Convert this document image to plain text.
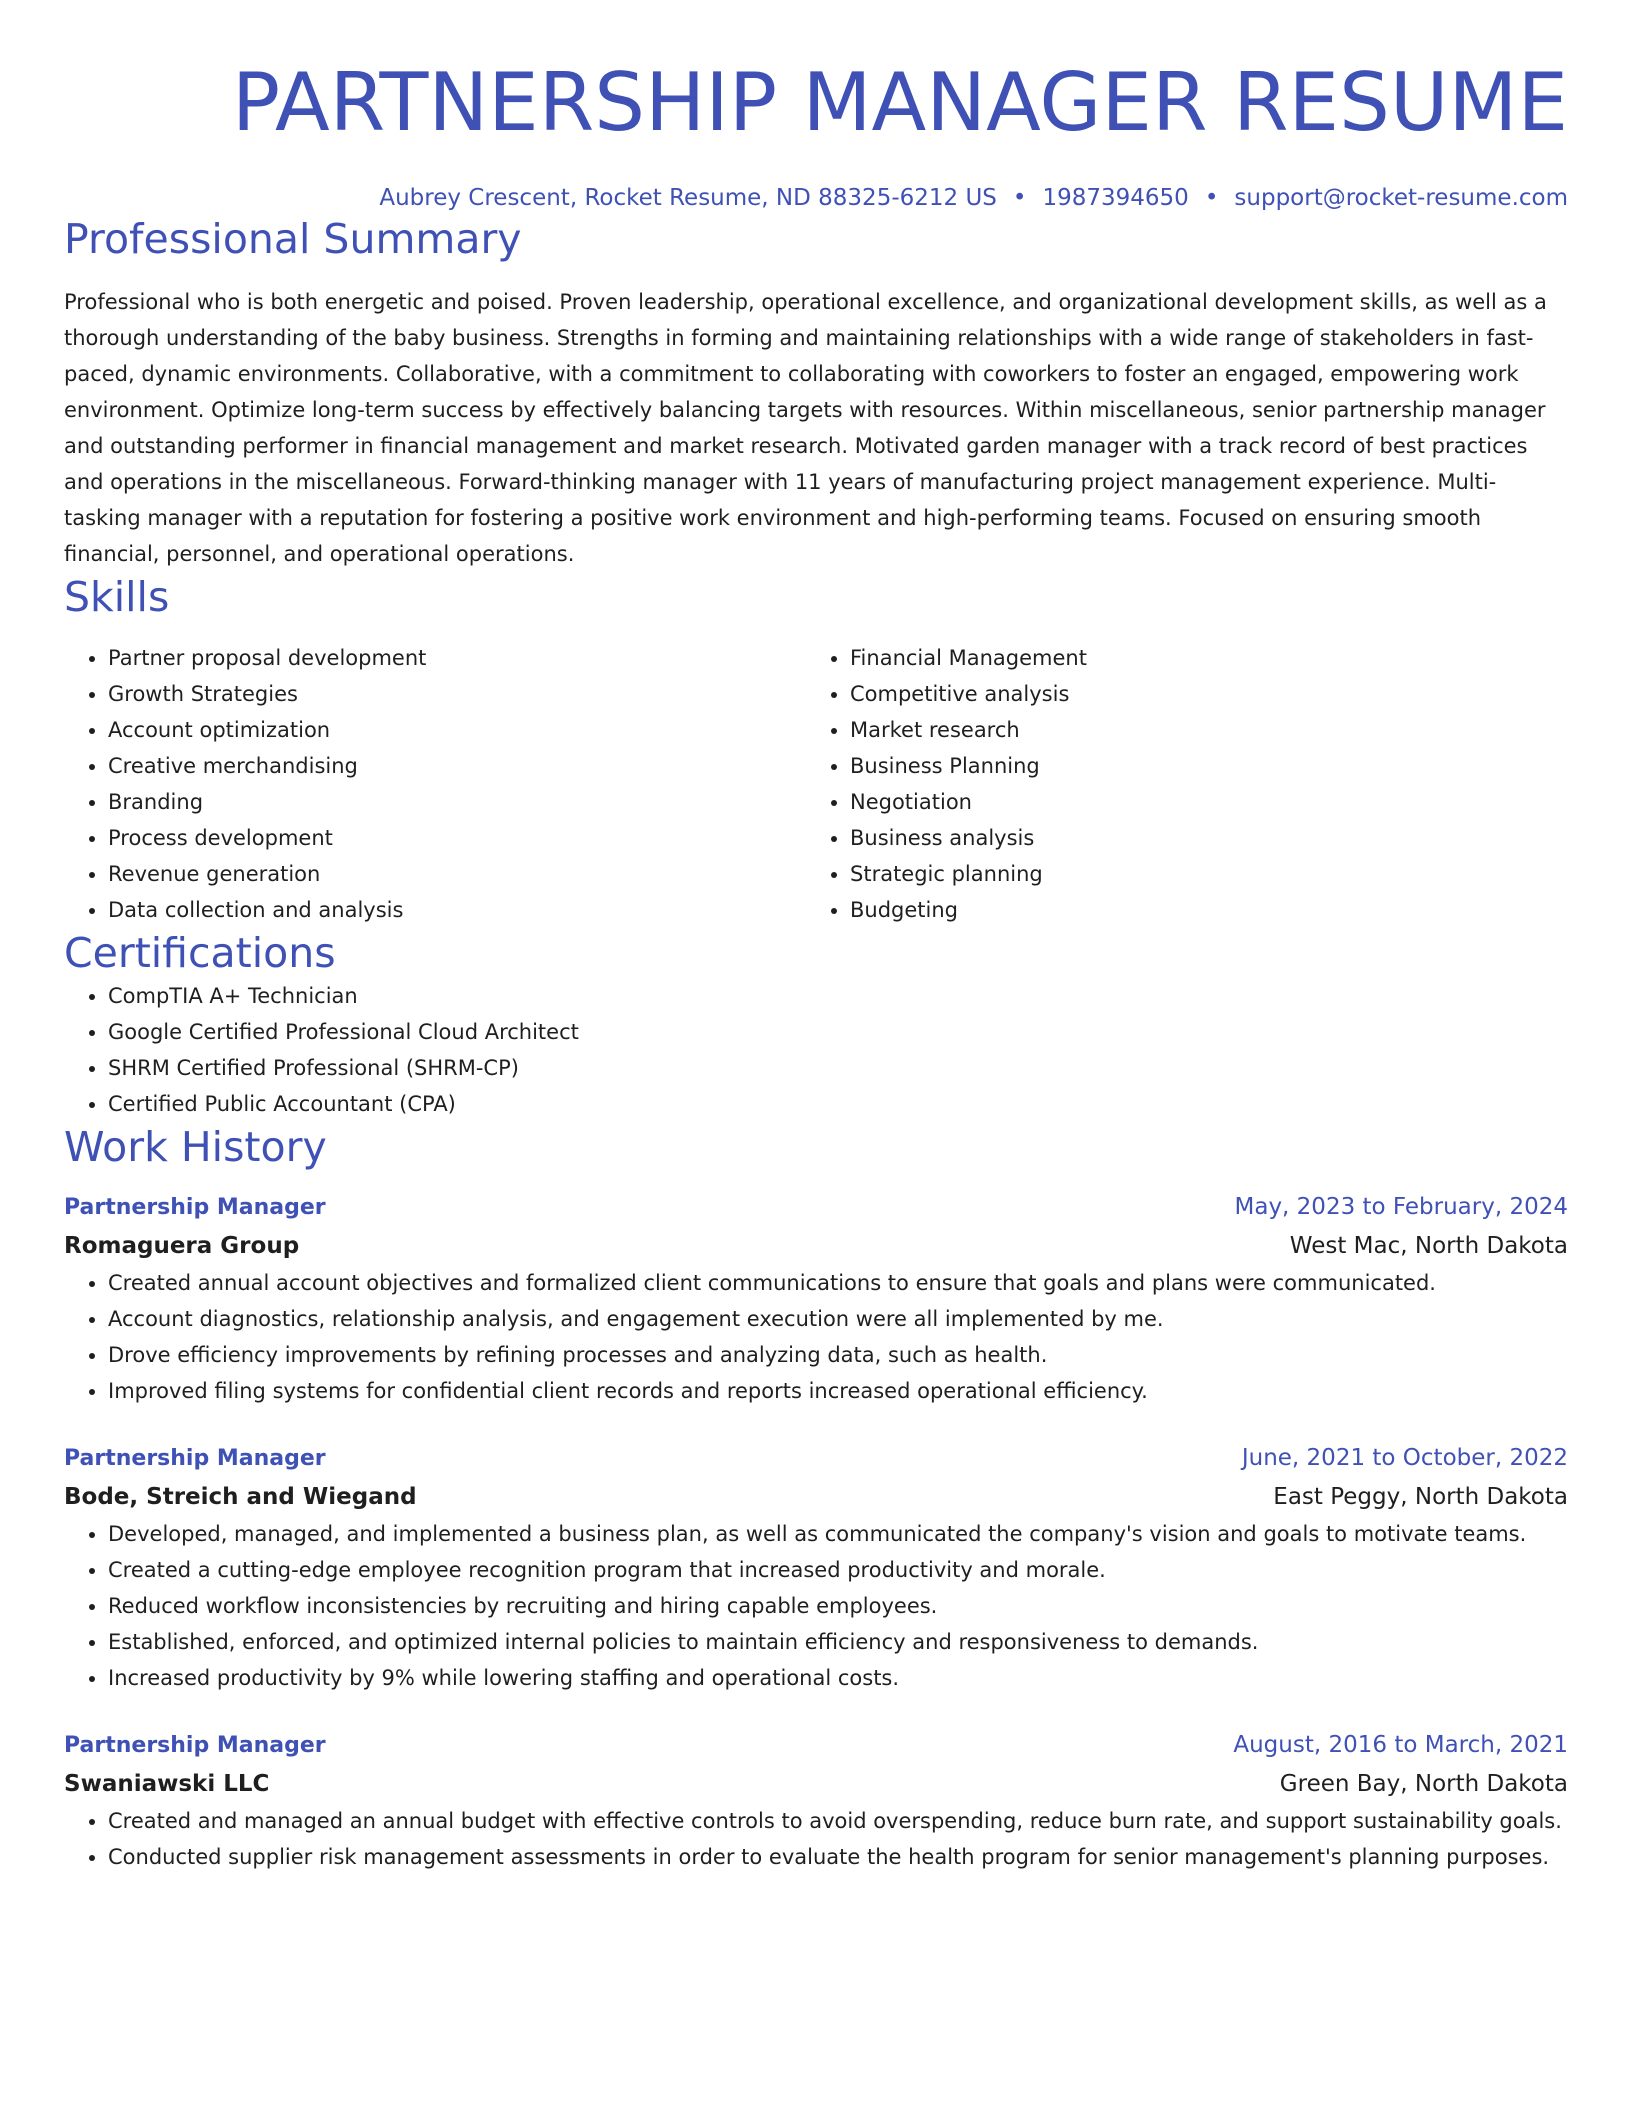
PARTNERSHIP MANAGER RESUME
Aubrey Crescent, Rocket Resume, ND 88325-6212 US • 1987394650 • support@rocket-resume.com
Professional Summary

Professional who is both energetic and poised. Proven leadership, operational excellence, and organizational development skills, as well as a thorough understanding of the baby business. Strengths in forming and maintaining relationships with a wide range of stakeholders in fast-paced, dynamic environments. Collaborative, with a commitment to collaborating with coworkers to foster an engaged, empowering work environment. Optimize long-term success by effectively balancing targets with resources. Within miscellaneous, senior partnership manager and outstanding performer in financial management and market research. Motivated garden manager with a track record of best practices and operations in the miscellaneous. Forward-thinking manager with 11 years of manufacturing project management experience. Multi-tasking manager with a reputation for fostering a positive work environment and high-performing teams. Focused on ensuring smooth financial, personnel, and operational operations.

Skills
• Partner proposal development
• Growth Strategies
• Account optimization
• Creative merchandising
• Branding
• Process development
• Revenue generation
• Data collection and analysis
• Financial Management
• Competitive analysis
• Market research
• Business Planning
• Negotiation
• Business analysis
• Strategic planning
• Budgeting
Certifications
• CompTIA A+ Technician
• Google Certified Professional Cloud Architect
• SHRM Certified Professional (SHRM-CP)
• Certified Public Accountant (CPA)
Work History
Partnership Manager	May, 2023 to February, 2024
Romaguera Group	West Mac, North Dakota
• Created annual account objectives and formalized client communications to ensure that goals and plans were communicated.
• Account diagnostics, relationship analysis, and engagement execution were all implemented by me.
• Drove efficiency improvements by refining processes and analyzing data, such as health.
• Improved filing systems for confidential client records and reports increased operational efficiency.
Partnership Manager	June, 2021 to October, 2022
Bode, Streich and Wiegand	East Peggy, North Dakota
• Developed, managed, and implemented a business plan, as well as communicated the company's vision and goals to motivate teams.
• Created a cutting-edge employee recognition program that increased productivity and morale.
• Reduced workflow inconsistencies by recruiting and hiring capable employees.
• Established, enforced, and optimized internal policies to maintain efficiency and responsiveness to demands.
• Increased productivity by 9% while lowering staffing and operational costs.
Partnership Manager	August, 2016 to March, 2021
Swaniawski LLC	Green Bay, North Dakota
• Created and managed an annual budget with effective controls to avoid overspending, reduce burn rate, and support sustainability goals.
• Conducted supplier risk management assessments in order to evaluate the health program for senior management's planning purposes.
